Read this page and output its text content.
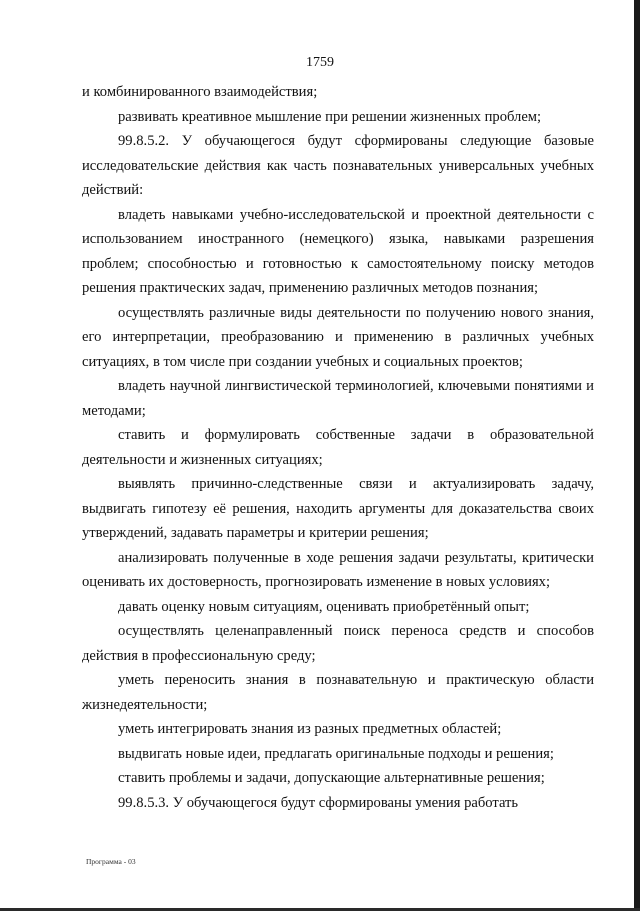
1759

и комбинированного взаимодействия;

развивать креативное мышление при решении жизненных проблем;

99.8.5.2. У обучающегося будут сформированы следующие базовые исследовательские действия как часть познавательных универсальных учебных действий:

владеть навыками учебно-исследовательской и проектной деятельности с использованием иностранного (немецкого) языка, навыками разрешения проблем; способностью и готовностью к самостоятельному поиску методов решения практических задач, применению различных методов познания;

осуществлять различные виды деятельности по получению нового знания, его интерпретации, преобразованию и применению в различных учебных ситуациях, в том числе при создании учебных и социальных проектов;

владеть научной лингвистической терминологией, ключевыми понятиями и методами;

ставить и формулировать собственные задачи в образовательной деятельности и жизненных ситуациях;

выявлять причинно-следственные связи и актуализировать задачу, выдвигать гипотезу её решения, находить аргументы для доказательства своих утверждений, задавать параметры и критерии решения;

анализировать полученные в ходе решения задачи результаты, критически оценивать их достоверность, прогнозировать изменение в новых условиях;

давать оценку новым ситуациям, оценивать приобретённый опыт;

осуществлять целенаправленный поиск переноса средств и способов действия в профессиональную среду;

уметь переносить знания в познавательную и практическую области жизнедеятельности;

уметь интегрировать знания из разных предметных областей;

выдвигать новые идеи, предлагать оригинальные подходы и решения;

ставить проблемы и задачи, допускающие альтернативные решения;

99.8.5.3. У обучающегося будут сформированы умения работать

Программа - 03
